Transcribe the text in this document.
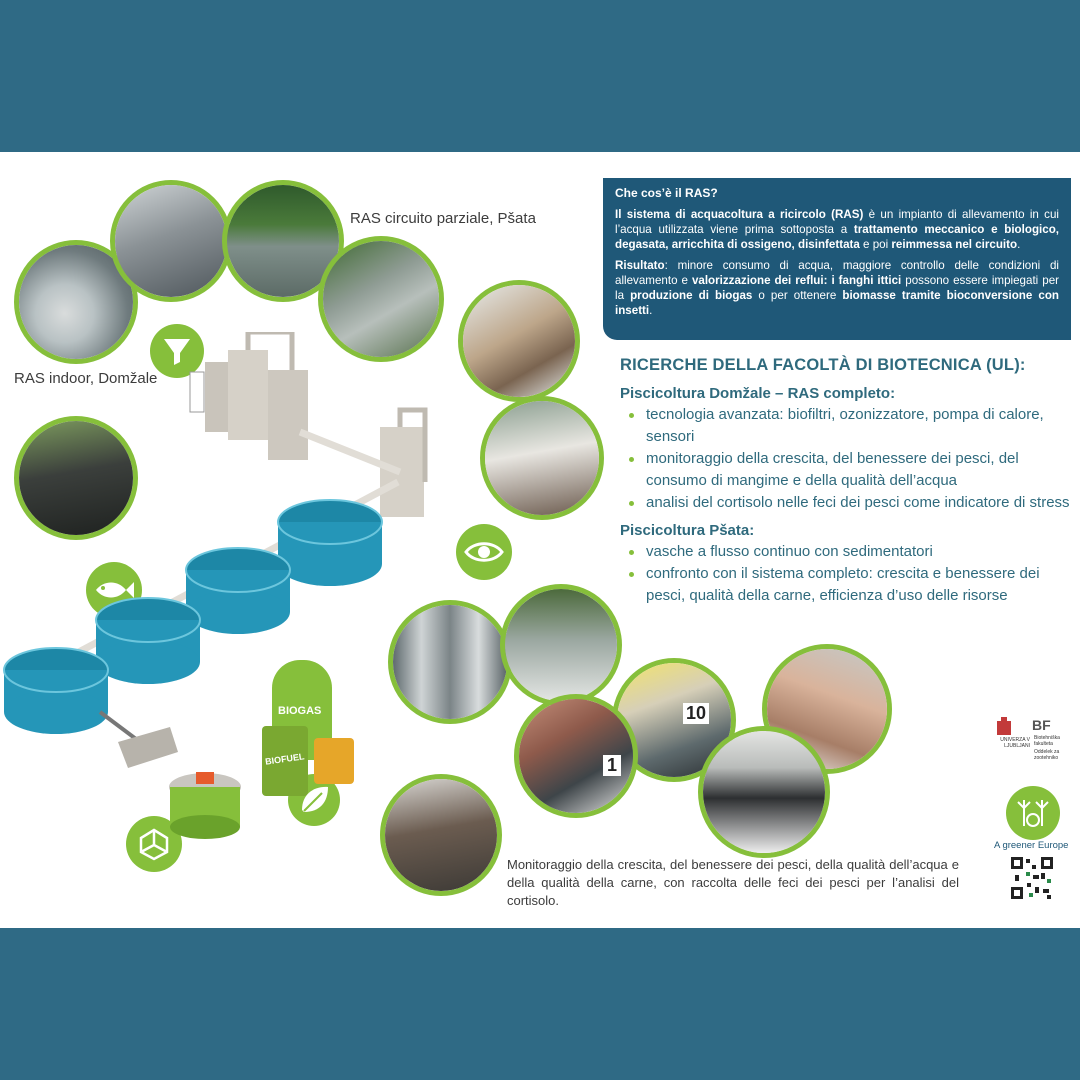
RAS circuito parziale, Pšata
RAS indoor, Domžale
BIOGAS
BIOFUEL
Che cos’è il RAS?

Il sistema di acquacoltura a ricircolo (RAS) è un impianto di allevamento in cui l’acqua utilizzata viene prima sottoposta a trattamento meccanico e biologico, degasata, arricchita di ossigeno, disinfettata e poi reimmessa nel circuito.

Risultato: minore consumo di acqua, maggiore controllo delle condizioni di allevamento e valorizzazione dei reflui: i fanghi ittici possono essere impiegati per la produzione di biogas o per ottenere biomasse tramite bioconversione con insetti.

RICERCHE DELLA FACOLTÀ DI BIOTECNICA (UL):
Piscicoltura Domžale – RAS completo:
tecnologia avanzata: biofiltri, ozonizzatore, pompa di calore, sensori
monitoraggio della crescita, del benessere dei pesci, del consumo di mangime e della qualità dell’acqua
analisi del cortisolo nelle feci dei pesci come indicatore di stress
Piscicoltura Pšata:
vasche a flusso continuo con sedimentatori
confronto con il sistema completo: crescita e benessere dei pesci, qualità della carne, efficienza d’uso delle risorse
10
1
Monitoraggio della crescita, del benessere dei pesci, della qualità dell’acqua e della qualità della carne, con raccolta delle feci dei pesci per l’analisi del cortisolo.
BF
UNIVERZA V LJUBLJANI
Biotehniška fakulteta
Oddelek za zootehniko
A greener Europe
